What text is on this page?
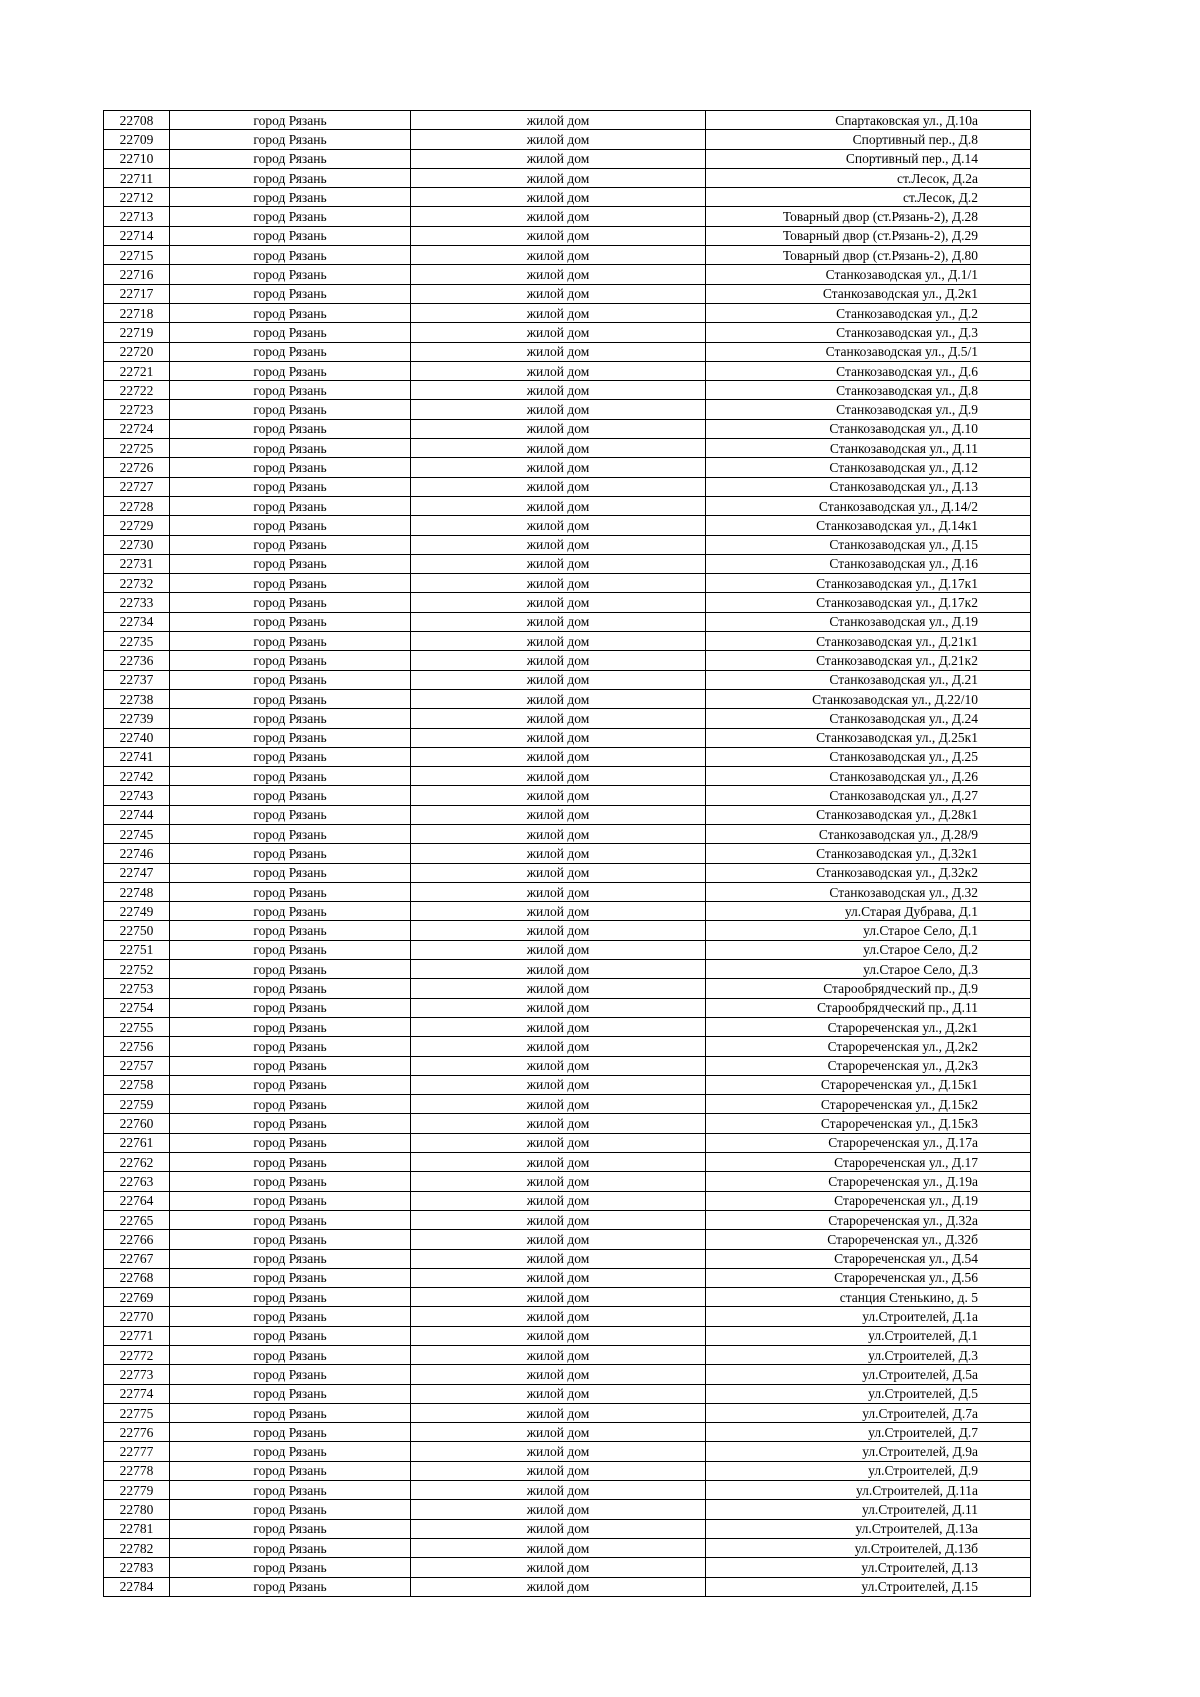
22708	город Рязань	жилой дом	Спартаковская ул., Д.10а
22709	город Рязань	жилой дом	Спортивный пер., Д.8
22710	город Рязань	жилой дом	Спортивный пер., Д.14
22711	город Рязань	жилой дом	ст.Лесок, Д.2а
22712	город Рязань	жилой дом	ст.Лесок, Д.2
22713	город Рязань	жилой дом	Товарный двор (ст.Рязань-2), Д.28
22714	город Рязань	жилой дом	Товарный двор (ст.Рязань-2), Д.29
22715	город Рязань	жилой дом	Товарный двор (ст.Рязань-2), Д.80
22716	город Рязань	жилой дом	Станкозаводская ул., Д.1/1
22717	город Рязань	жилой дом	Станкозаводская ул., Д.2к1
22718	город Рязань	жилой дом	Станкозаводская ул., Д.2
22719	город Рязань	жилой дом	Станкозаводская ул., Д.3
22720	город Рязань	жилой дом	Станкозаводская ул., Д.5/1
22721	город Рязань	жилой дом	Станкозаводская ул., Д.6
22722	город Рязань	жилой дом	Станкозаводская ул., Д.8
22723	город Рязань	жилой дом	Станкозаводская ул., Д.9
22724	город Рязань	жилой дом	Станкозаводская ул., Д.10
22725	город Рязань	жилой дом	Станкозаводская ул., Д.11
22726	город Рязань	жилой дом	Станкозаводская ул., Д.12
22727	город Рязань	жилой дом	Станкозаводская ул., Д.13
22728	город Рязань	жилой дом	Станкозаводская ул., Д.14/2
22729	город Рязань	жилой дом	Станкозаводская ул., Д.14к1
22730	город Рязань	жилой дом	Станкозаводская ул., Д.15
22731	город Рязань	жилой дом	Станкозаводская ул., Д.16
22732	город Рязань	жилой дом	Станкозаводская ул., Д.17к1
22733	город Рязань	жилой дом	Станкозаводская ул., Д.17к2
22734	город Рязань	жилой дом	Станкозаводская ул., Д.19
22735	город Рязань	жилой дом	Станкозаводская ул., Д.21к1
22736	город Рязань	жилой дом	Станкозаводская ул., Д.21к2
22737	город Рязань	жилой дом	Станкозаводская ул., Д.21
22738	город Рязань	жилой дом	Станкозаводская ул., Д.22/10
22739	город Рязань	жилой дом	Станкозаводская ул., Д.24
22740	город Рязань	жилой дом	Станкозаводская ул., Д.25к1
22741	город Рязань	жилой дом	Станкозаводская ул., Д.25
22742	город Рязань	жилой дом	Станкозаводская ул., Д.26
22743	город Рязань	жилой дом	Станкозаводская ул., Д.27
22744	город Рязань	жилой дом	Станкозаводская ул., Д.28к1
22745	город Рязань	жилой дом	Станкозаводская ул., Д.28/9
22746	город Рязань	жилой дом	Станкозаводская ул., Д.32к1
22747	город Рязань	жилой дом	Станкозаводская ул., Д.32к2
22748	город Рязань	жилой дом	Станкозаводская ул., Д.32
22749	город Рязань	жилой дом	ул.Старая Дубрава, Д.1
22750	город Рязань	жилой дом	ул.Старое Село, Д.1
22751	город Рязань	жилой дом	ул.Старое Село, Д.2
22752	город Рязань	жилой дом	ул.Старое Село, Д.3
22753	город Рязань	жилой дом	Старообрядческий пр., Д.9
22754	город Рязань	жилой дом	Старообрядческий пр., Д.11
22755	город Рязань	жилой дом	Старореченская ул., Д.2к1
22756	город Рязань	жилой дом	Старореченская ул., Д.2к2
22757	город Рязань	жилой дом	Старореченская ул., Д.2к3
22758	город Рязань	жилой дом	Старореченская ул., Д.15к1
22759	город Рязань	жилой дом	Старореченская ул., Д.15к2
22760	город Рязань	жилой дом	Старореченская ул., Д.15к3
22761	город Рязань	жилой дом	Старореченская ул., Д.17а
22762	город Рязань	жилой дом	Старореченская ул., Д.17
22763	город Рязань	жилой дом	Старореченская ул., Д.19а
22764	город Рязань	жилой дом	Старореченская ул., Д.19
22765	город Рязань	жилой дом	Старореченская ул., Д.32а
22766	город Рязань	жилой дом	Старореченская ул., Д.32б
22767	город Рязань	жилой дом	Старореченская ул., Д.54
22768	город Рязань	жилой дом	Старореченская ул., Д.56
22769	город Рязань	жилой дом	станция Стенькино, д. 5
22770	город Рязань	жилой дом	ул.Строителей, Д.1а
22771	город Рязань	жилой дом	ул.Строителей, Д.1
22772	город Рязань	жилой дом	ул.Строителей, Д.3
22773	город Рязань	жилой дом	ул.Строителей, Д.5а
22774	город Рязань	жилой дом	ул.Строителей, Д.5
22775	город Рязань	жилой дом	ул.Строителей, Д.7а
22776	город Рязань	жилой дом	ул.Строителей, Д.7
22777	город Рязань	жилой дом	ул.Строителей, Д.9а
22778	город Рязань	жилой дом	ул.Строителей, Д.9
22779	город Рязань	жилой дом	ул.Строителей, Д.11а
22780	город Рязань	жилой дом	ул.Строителей, Д.11
22781	город Рязань	жилой дом	ул.Строителей, Д.13а
22782	город Рязань	жилой дом	ул.Строителей, Д.13б
22783	город Рязань	жилой дом	ул.Строителей, Д.13
22784	город Рязань	жилой дом	ул.Строителей, Д.15
